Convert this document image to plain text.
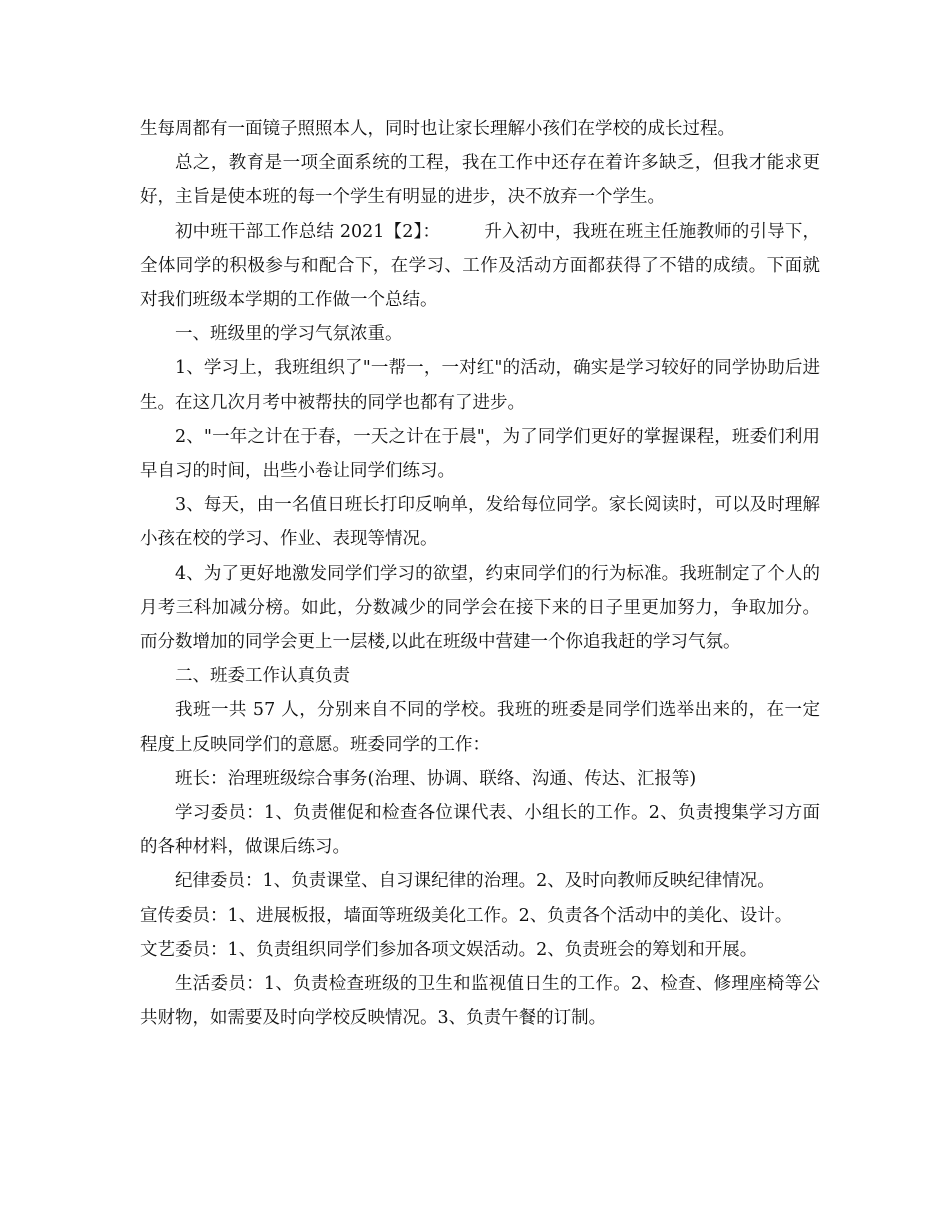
生每周都有一面镜子照照本人，同时也让家长理解小孩们在学校的成长过程。

总之，教育是一项全面系统的工程，我在工作中还存在着许多缺乏，但我才能求更好，主旨是使本班的每一个学生有明显的进步，决不放弃一个学生。

初中班干部工作总结 2021【2】：	升入初中，我班在班主任施教师的引导下，全体同学的积极参与和配合下，在学习、工作及活动方面都获得了不错的成绩。下面就对我们班级本学期的工作做一个总结。

一、班级里的学习气氛浓重。

1、学习上，我班组织了"一帮一，一对红"的活动，确实是学习较好的同学协助后进生。在这几次月考中被帮扶的同学也都有了进步。

2、"一年之计在于春，一天之计在于晨"，为了同学们更好的掌握课程，班委们利用早自习的时间，出些小卷让同学们练习。

3、每天，由一名值日班长打印反响单，发给每位同学。家长阅读时，可以及时理解小孩在校的学习、作业、表现等情况。

4、为了更好地激发同学们学习的欲望，约束同学们的行为标准。我班制定了个人的月考三科加减分榜。如此，分数减少的同学会在接下来的日子里更加努力，争取加分。而分数增加的同学会更上一层楼,以此在班级中营建一个你追我赶的学习气氛。

二、班委工作认真负责

我班一共 57 人，分别来自不同的学校。我班的班委是同学们选举出来的，在一定程度上反映同学们的意愿。班委同学的工作：

班长：治理班级综合事务(治理、协调、联络、沟通、传达、汇报等)

学习委员：1、负责催促和检查各位课代表、小组长的工作。2、负责搜集学习方面的各种材料，做课后练习。

纪律委员：1、负责课堂、自习课纪律的治理。2、及时向教师反映纪律情况。

宣传委员：1、进展板报，墙面等班级美化工作。2、负责各个活动中的美化、设计。

文艺委员：1、负责组织同学们参加各项文娱活动。2、负责班会的筹划和开展。

生活委员：1、负责检查班级的卫生和监视值日生的工作。2、检查、修理座椅等公共财物，如需要及时向学校反映情况。3、负责午餐的订制。
